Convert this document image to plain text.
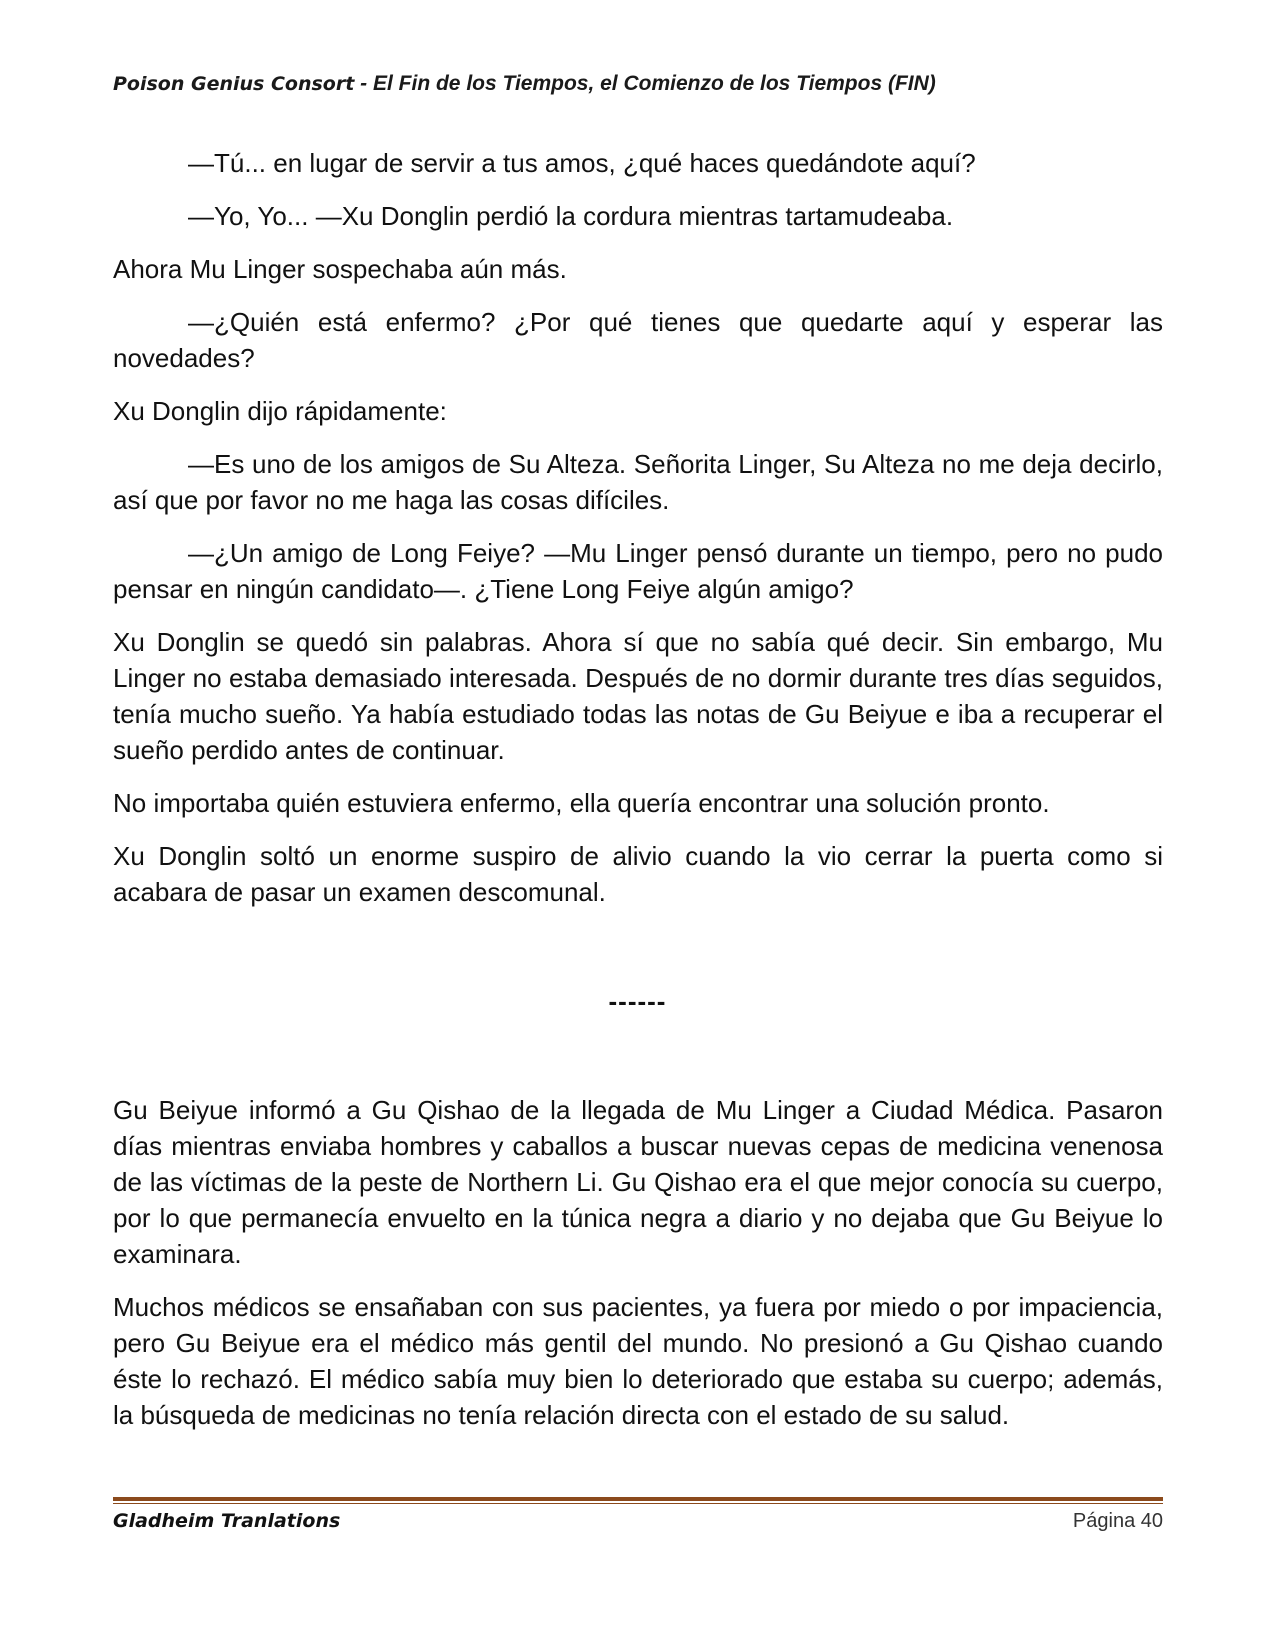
Poison Genius Consort - El Fin de los Tiempos, el Comienzo de los Tiempos (FIN)

—Tú... en lugar de servir a tus amos, ¿qué haces quedándote aquí?

—Yo, Yo... —Xu Donglin perdió la cordura mientras tartamudeaba.

Ahora Mu Linger sospechaba aún más.

—¿Quién está enfermo? ¿Por qué tienes que quedarte aquí y esperar las novedades?

Xu Donglin dijo rápidamente:

—Es uno de los amigos de Su Alteza. Señorita Linger, Su Alteza no me deja decirlo, así que por favor no me haga las cosas difíciles.

—¿Un amigo de Long Feiye? —Mu Linger pensó durante un tiempo, pero no pudo pensar en ningún candidato—. ¿Tiene Long Feiye algún amigo?

Xu Donglin se quedó sin palabras. Ahora sí que no sabía qué decir. Sin embargo, Mu Linger no estaba demasiado interesada. Después de no dormir durante tres días seguidos, tenía mucho sueño. Ya había estudiado todas las notas de Gu Beiyue e iba a recuperar el sueño perdido antes de continuar.

No importaba quién estuviera enfermo, ella quería encontrar una solución pronto.

Xu Donglin soltó un enorme suspiro de alivio cuando la vio cerrar la puerta como si acabara de pasar un examen descomunal.

------

Gu Beiyue informó a Gu Qishao de la llegada de Mu Linger a Ciudad Médica. Pasaron días mientras enviaba hombres y caballos a buscar nuevas cepas de medicina venenosa de las víctimas de la peste de Northern Li. Gu Qishao era el que mejor conocía su cuerpo, por lo que permanecía envuelto en la túnica negra a diario y no dejaba que Gu Beiyue lo examinara.

Muchos médicos se ensañaban con sus pacientes, ya fuera por miedo o por impaciencia, pero Gu Beiyue era el médico más gentil del mundo. No presionó a Gu Qishao cuando éste lo rechazó. El médico sabía muy bien lo deteriorado que estaba su cuerpo; además, la búsqueda de medicinas no tenía relación directa con el estado de su salud.

Gladheim Tranlations	Página 40
